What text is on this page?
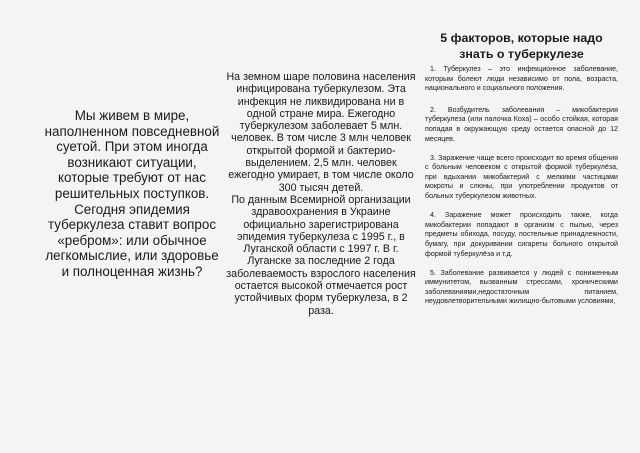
Мы живем в мире, наполненном повседневной суетой. При этом иногда возникают ситуации, которые требуют от нас решительных поступков. Сегодня эпидемия туберкулеза ставит вопрос «ребром»: или обычное легкомыслие, или здоровье и полноценная жизнь?

На земном шаре половина населения инфицирована туберкулезом. Эта инфекция не ликвидирована ни в одной стране мира. Ежегодно туберкулезом заболевает 5 млн. человек. В том числе 3 млн человек открытой формой и бактерио-выделением. 2,5 млн. человек ежегодно умирает, в том числе около 300 тысяч детей.

По данным Всемирной организации здравоохранения в Украине официально зарегистрирована эпидемия туберкулеза с 1995 г., в Луганской области с 1997 г. В г. Луганске за последние 2 года заболеваемость взрослого населения остается высокой отмечается рост устойчивых форм туберкулеза, в 2 раза.

5 факторов, которые надо знать о туберкулезе
1. Туберкулез – это инфекционное заболевание, которым болеют люди независимо от пола, возраста, национального и социального положения.
2. Возбудитель заболевания – микобактерия туберкулеза (или палочка Коха) – особо стойкая, которая попадая в окружающую среду остается опасной до 12 месяцев.
3. Заражение чаще всего происходит во время общения с больным человеком с открытой формой туберкулёза, при вдыхании микобактерий с мелкими частицами мокроты и слюны, при употреблении продуктов от больных туберкулезом животных.
4. Заражение может происходить также, когда микобактерии попадают в организм с пылью, через предметы обихода, посуду, постельные принадлежности, бумагу, при докуривании сигареты больного открытой формой туберкулёза и т.д.
5. Заболевание развивается у людей с пониженным иммунитетом, вызванным стрессами, хроническими заболеваниями,недостаточным питанием, неудовлетворительными жилищно-бытовыми условиями,
